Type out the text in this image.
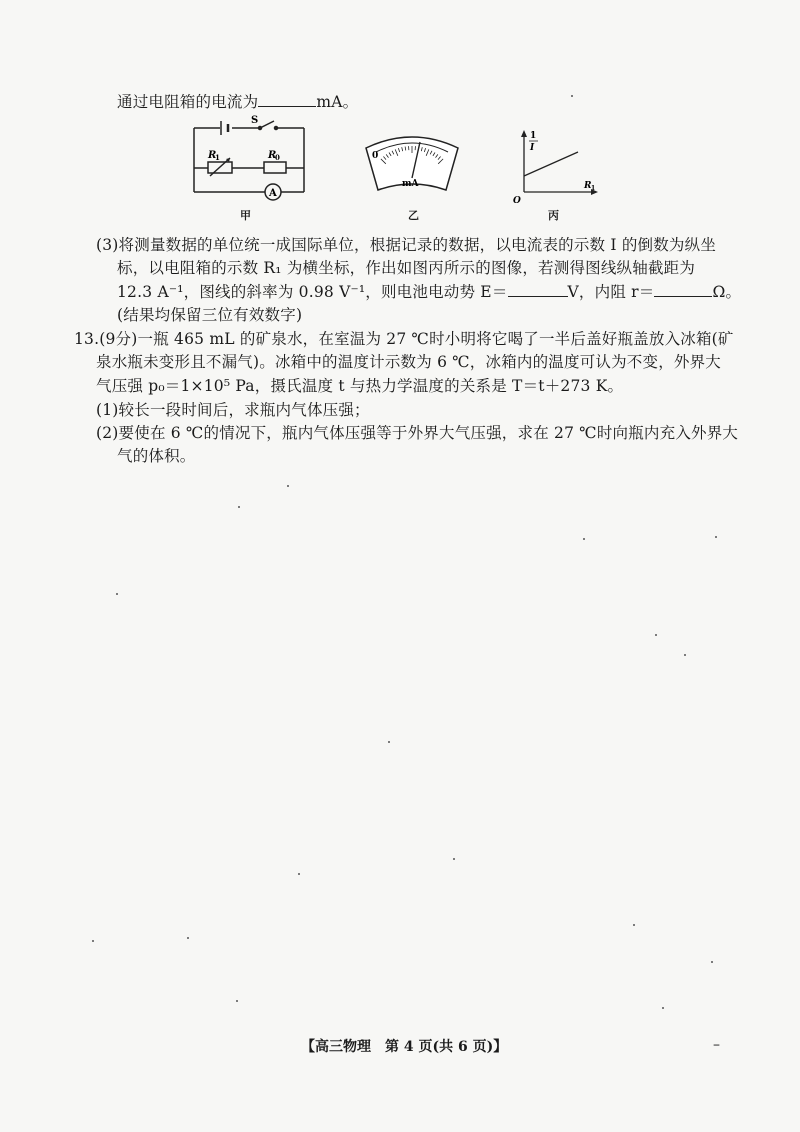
通过电阻箱的电流为	mA。
S
R
1	R
0
A
甲
0
mA
乙
1
I
R 1
O
丙
(3)将测量数据的单位统一成国际单位，根据记录的数据，以电流表的示数 I 的倒数为纵坐
标，以电阻箱的示数 R₁ 为横坐标，作出如图丙所示的图像，若测得图线纵轴截距为
12.3 A⁻¹，图线的斜率为 0.98 V⁻¹，则电池电动势 E＝	V，内阻 r＝	Ω。
(结果均保留三位有效数字)
13.(9分)一瓶 465 mL 的矿泉水，在室温为 27 ℃时小明将它喝了一半后盖好瓶盖放入冰箱(矿
泉水瓶未变形且不漏气)。冰箱中的温度计示数为 6 ℃，冰箱内的温度可认为不变，外界大
气压强 p₀＝1×10⁵ Pa，摄氏温度 t 与热力学温度的关系是 T＝t＋273 K。
(1)较长一段时间后，求瓶内气体压强；
(2)要使在 6 ℃的情况下，瓶内气体压强等于外界大气压强，求在 27 ℃时向瓶内充入外界大
气的体积。
【高三物理　第 4 页(共 6 页)】	–
